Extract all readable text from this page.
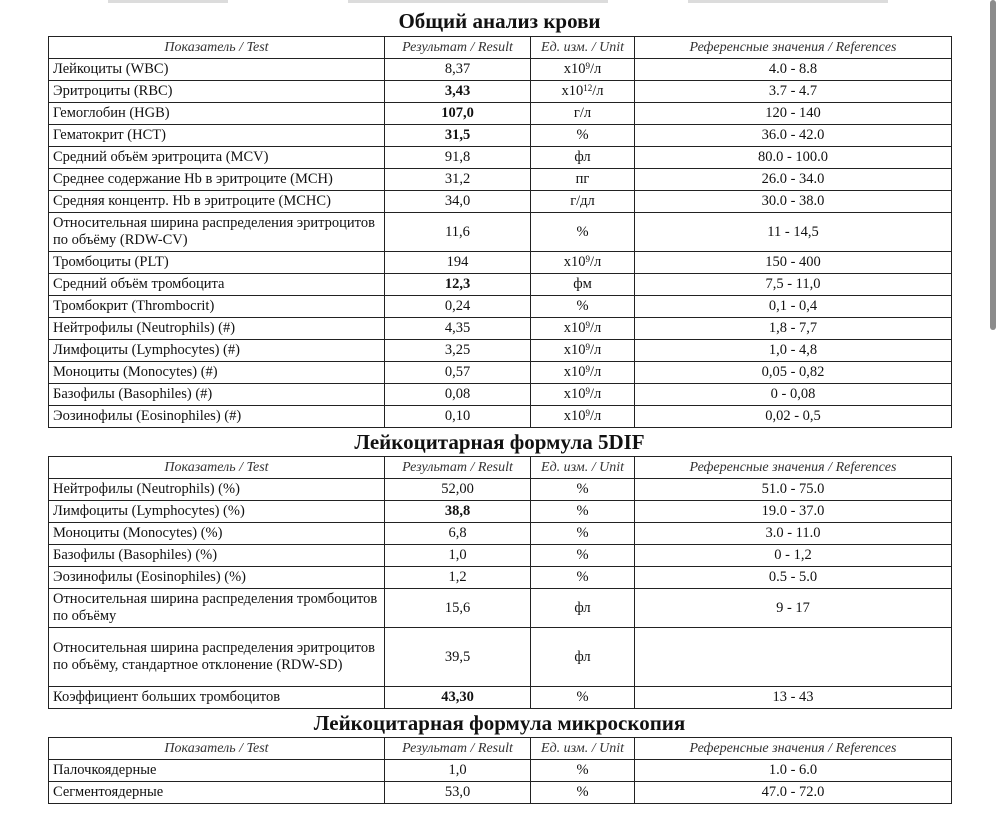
Общий анализ крови
Показатель / Test	Результат / Result	Ед. изм. / Unit	Референсные значения / References
Лейкоциты (WBC)	8,37	$x10^9/л$	4.0 - 8.8
Эритроциты (RBC)	3,43	$x10^{12}/л$	3.7 - 4.7
Гемоглобин (HGB)	107,0	г/л	120 - 140
Гематокрит (HCT)	31,5	%	36.0 - 42.0
Средний объём эритроцита (MCV)	91,8	фл	80.0 - 100.0
Среднее содержание Hb в эритроците (MCH)	31,2	пг	26.0 - 34.0
Средняя концентр. Hb в эритроците (MCHC)	34,0	г/дл	30.0 - 38.0
Относительная ширина распределения эритроцитов по объёму (RDW-CV)	11,6	%	11 - 14,5
Тромбоциты (PLT)	194	$x10^9/л$	150 - 400
Средний объём тромбоцита	12,3	фм	7,5 - 11,0
Тромбокрит (Thrombocrit)	0,24	%	0,1 - 0,4
Нейтрофилы (Neutrophils) (#)	4,35	$x10^9/л$	1,8 - 7,7
Лимфоциты (Lymphocytes) (#)	3,25	$x10^9/л$	1,0 - 4,8
Моноциты (Monocytes) (#)	0,57	$x10^9/л$	0,05 - 0,82
Базофилы (Basophiles) (#)	0,08	$x10^9/л$	0 - 0,08
Эозинофилы (Eosinophiles) (#)	0,10	$x10^9/л$	0,02 - 0,5
Лейкоцитарная формула 5DIF
Показатель / Test	Результат / Result	Ед. изм. / Unit	Референсные значения / References
Нейтрофилы (Neutrophils) (%)	52,00	%	51.0 - 75.0
Лимфоциты (Lymphocytes) (%)	38,8	%	19.0 - 37.0
Моноциты (Monocytes) (%)	6,8	%	3.0 - 11.0
Базофилы (Basophiles) (%)	1,0	%	0 - 1,2
Эозинофилы (Eosinophiles) (%)	1,2	%	0.5 - 5.0
Относительная ширина распределения тромбоцитов по объёму	15,6	фл	9 - 17
Относительная ширина распределения эритроцитов по объёму, стандартное отклонение (RDW-SD)	39,5	фл	
Коэффициент больших тромбоцитов	43,30	%	13 - 43
Лейкоцитарная формула микроскопия
Показатель / Test	Результат / Result	Ед. изм. / Unit	Референсные значения / References
Палочкоядерные	1,0	%	1.0 - 6.0
Сегментоядерные	53,0	%	47.0 - 72.0
